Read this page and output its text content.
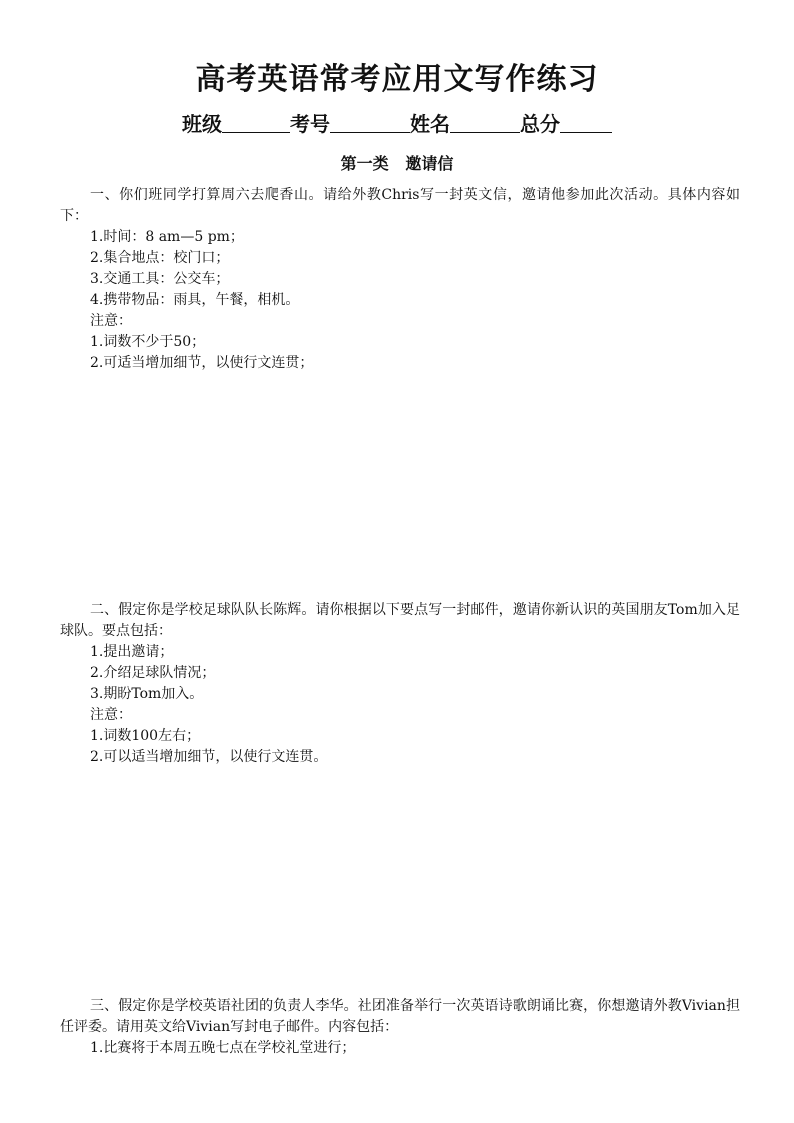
高考英语常考应用文写作练习
班级	考号	姓名	总分
第一类   邀请信

一、你们班同学打算周六去爬香山。请给外教Chris写一封英文信，邀请他参加此次活动。具体内容如下：

1.时间：8 am—5 pm；

2.集合地点：校门口；

3.交通工具：公交车；

4.携带物品：雨具，午餐，相机。

注意：

1.词数不少于50；

2.可适当增加细节，以使行文连贯；

二、假定你是学校足球队队长陈辉。请你根据以下要点写一封邮件，邀请你新认识的英国朋友Tom加入足球队。要点包括：

1.提出邀请；

2.介绍足球队情况；

3.期盼Tom加入。

注意：

1.词数100左右；

2.可以适当增加细节，以使行文连贯。

三、假定你是学校英语社团的负责人李华。社团准备举行一次英语诗歌朗诵比赛，你想邀请外教Vivian担任评委。请用英文给Vivian写封电子邮件。内容包括：

1.比赛将于本周五晚七点在学校礼堂进行；
